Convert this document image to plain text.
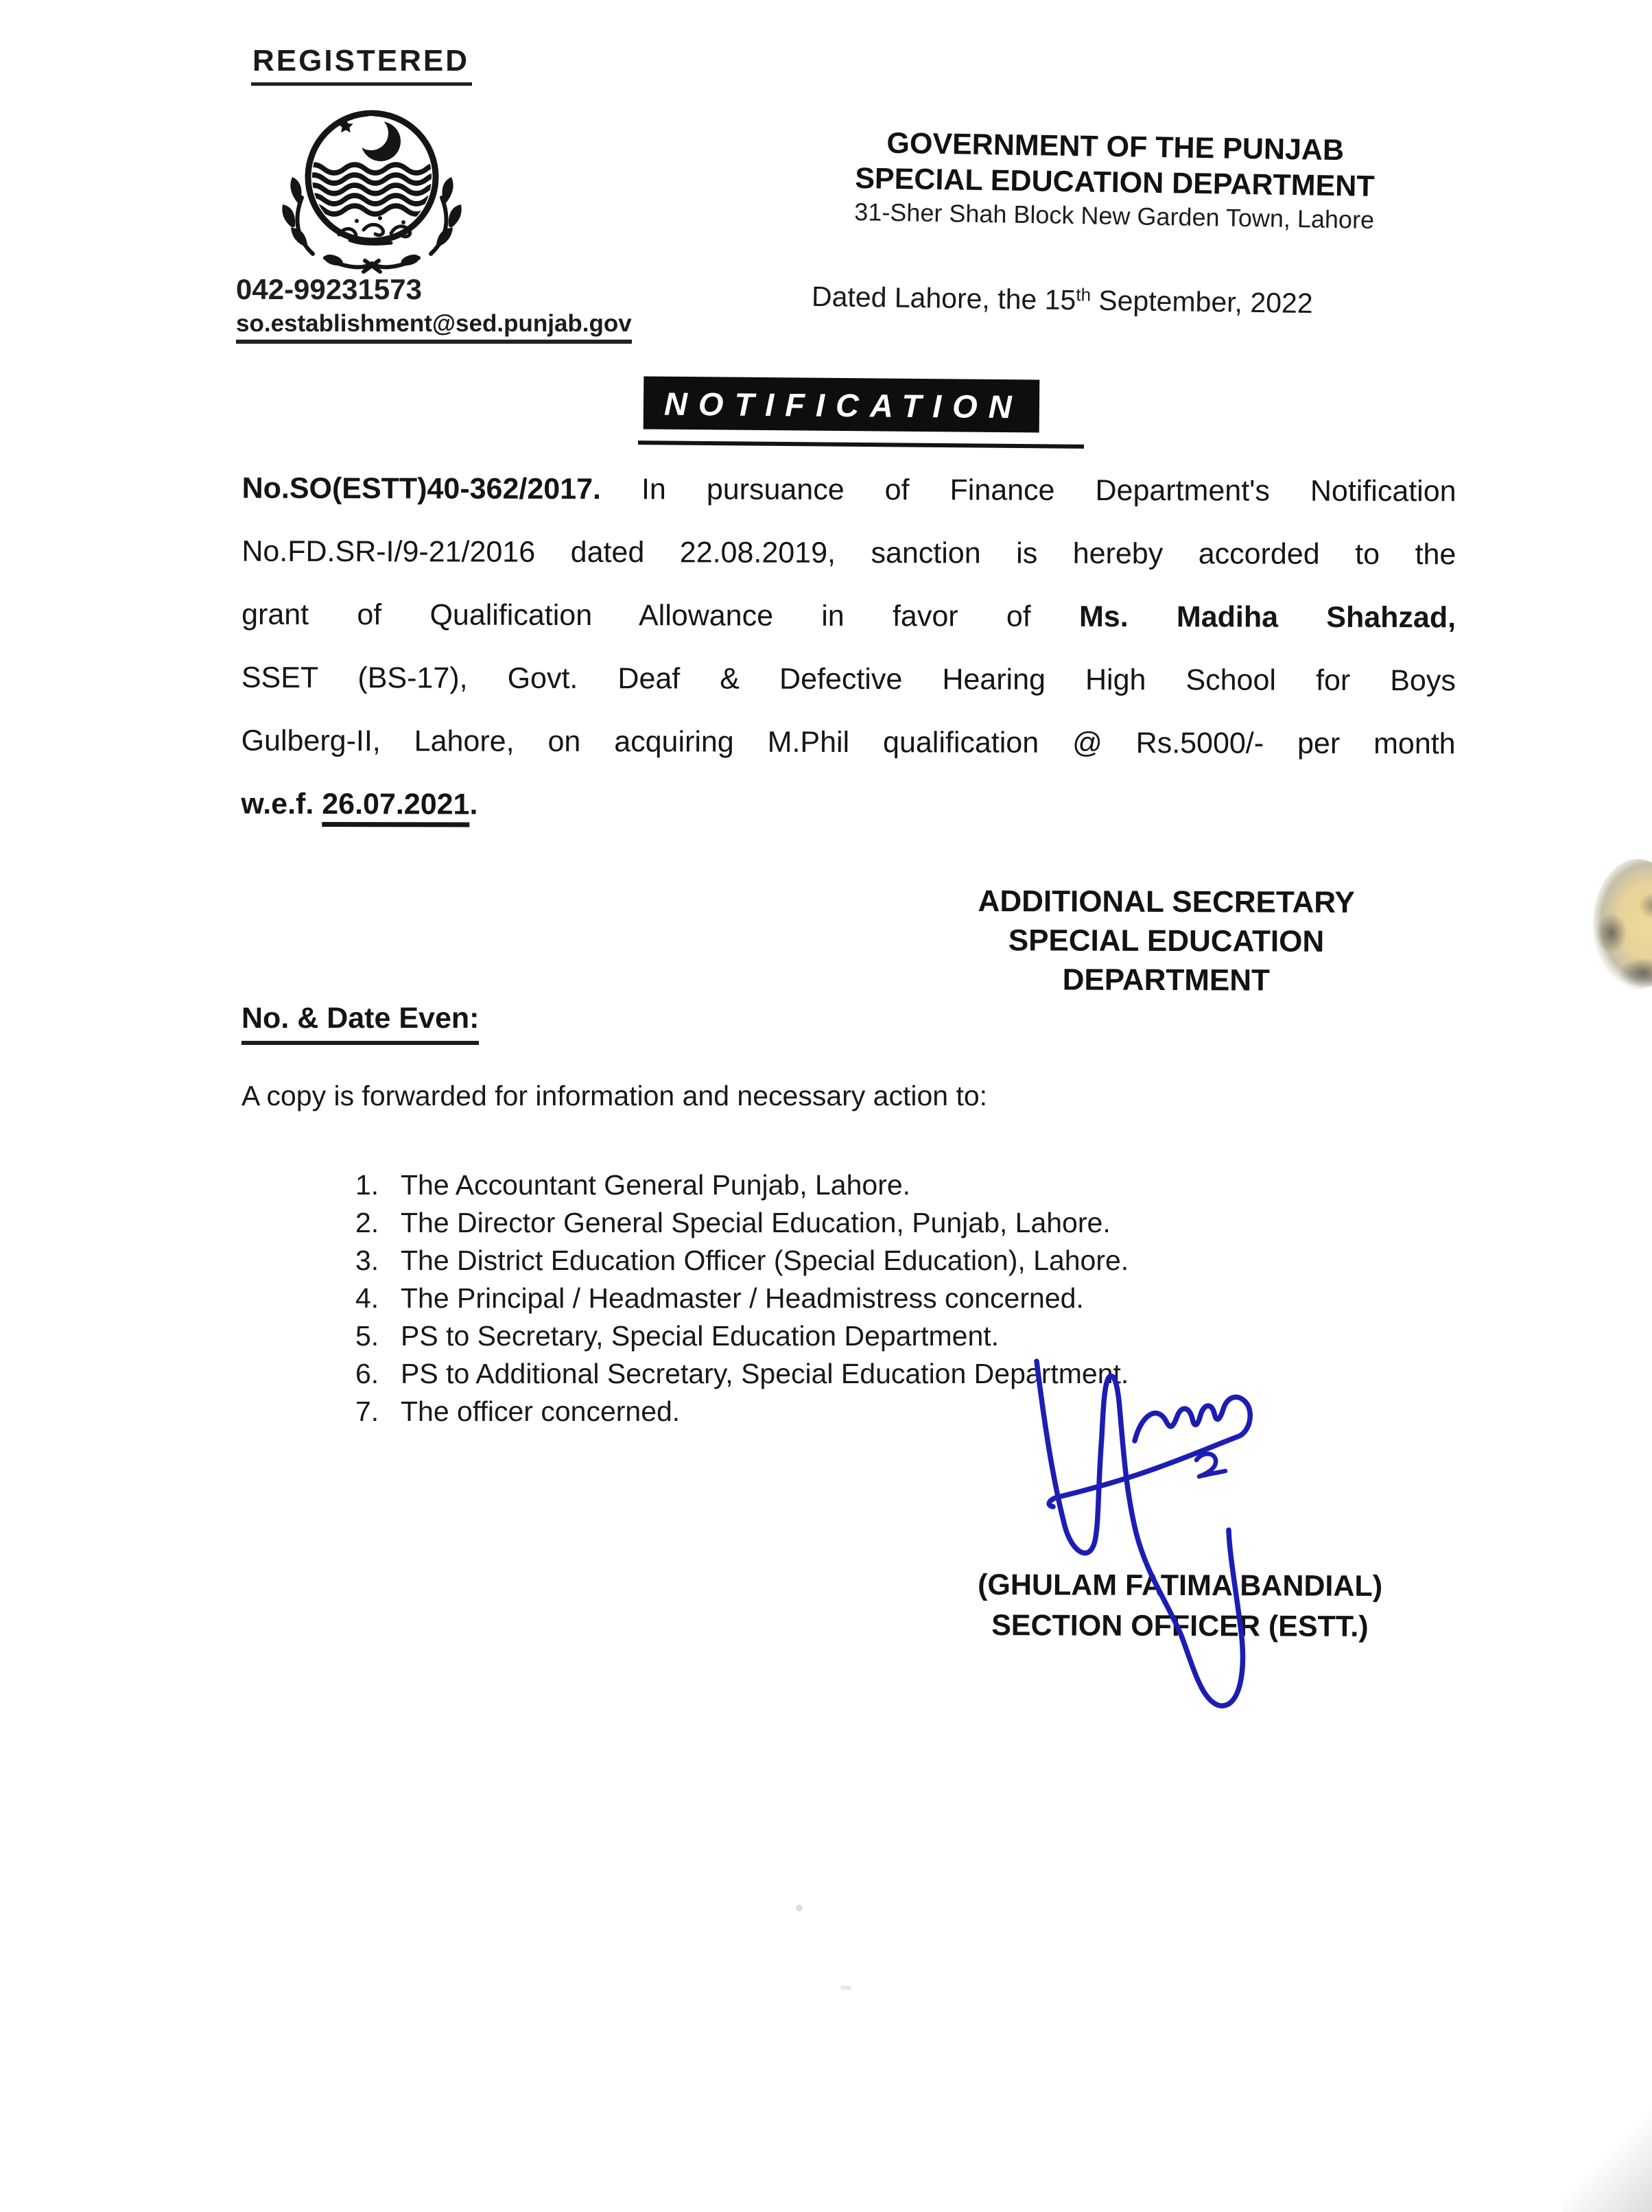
REGISTERED
042-99231573
so.establishment@sed.punjab.gov
GOVERNMENT OF THE PUNJAB
SPECIAL EDUCATION DEPARTMENT
31-Sher Shah Block New Garden Town, Lahore
Dated Lahore, the 15th September, 2022
NOTIFICATION
No.SO(ESTT)40-362/2017. In pursuance of Finance Department's Notification
No.FD.SR-I/9-21/2016 dated 22.08.2019, sanction is hereby accorded to the
grant of Qualification Allowance in favor of Ms. Madiha Shahzad,
SSET (BS-17), Govt. Deaf & Defective Hearing High School for Boys
Gulberg-II, Lahore, on acquiring M.Phil qualification @ Rs.5000/- per month
w.e.f. 26.07.2021.
ADDITIONAL SECRETARY
SPECIAL EDUCATION
DEPARTMENT
No. & Date Even:
A copy is forwarded for information and necessary action to:
1. The Accountant General Punjab, Lahore.
2. The Director General Special Education, Punjab, Lahore.
3. The District Education Officer (Special Education), Lahore.
4. The Principal / Headmaster / Headmistress concerned.
5. PS to Secretary, Special Education Department.
6. PS to Additional Secretary, Special Education Department.
7. The officer concerned.
(GHULAM FATIMA BANDIAL)
SECTION OFFICER (ESTT.)
